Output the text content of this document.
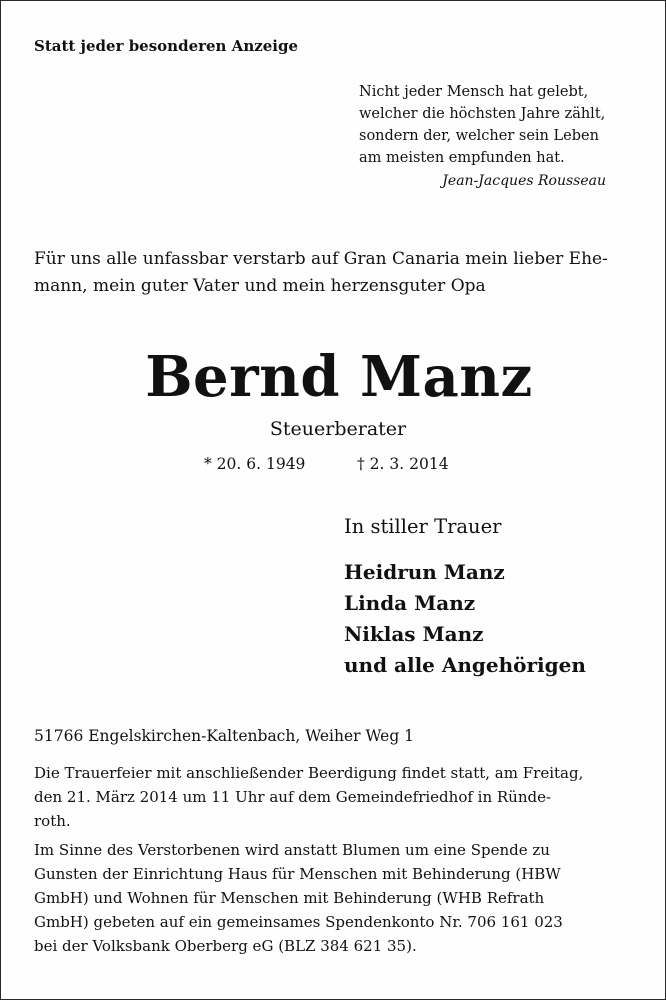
Statt jeder besonderen Anzeige
Nicht jeder Mensch hat gelebt,
welcher die höchsten Jahre zählt,
sondern der, welcher sein Leben
am meisten empfunden hat.
Jean-Jacques Rousseau
Für uns alle unfassbar verstarb auf Gran Canaria mein lieber Ehe-
mann, mein guter Vater und mein herzensguter Opa
Bernd Manz
Steuerberater
* 20. 6. 1949	† 2. 3. 2014
In stiller Trauer
Heidrun Manz
Linda Manz
Niklas Manz
und alle Angehörigen
51766 Engelskirchen-Kaltenbach, Weiher Weg 1
Die Trauerfeier mit anschließender Beerdigung findet statt, am Freitag,
den 21. März 2014 um 11 Uhr auf dem Gemeindefriedhof in Ründe-
roth.
Im Sinne des Verstorbenen wird anstatt Blumen um eine Spende zu
Gunsten der Einrichtung Haus für Menschen mit Behinderung (HBW
GmbH) und Wohnen für Menschen mit Behinderung (WHB Refrath
GmbH) gebeten auf ein gemeinsames Spendenkonto Nr. 706 161 023
bei der Volksbank Oberberg eG (BLZ 384 621 35).
